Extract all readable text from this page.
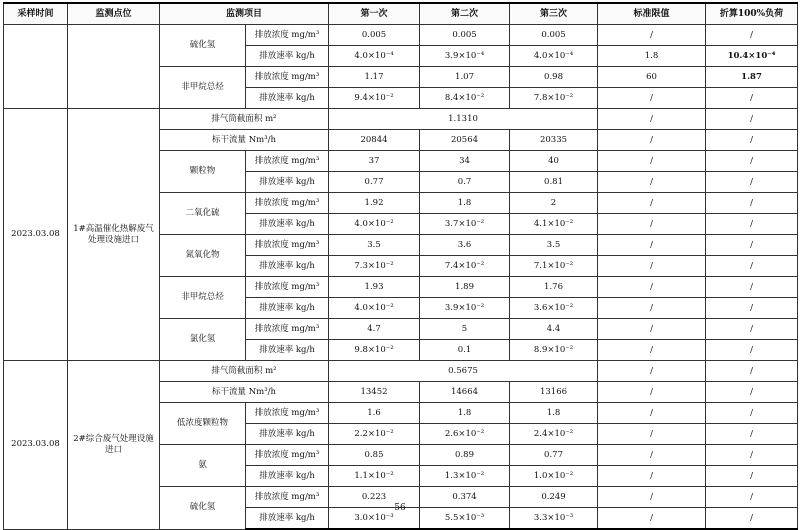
采样时间	监测点位	监测项目		第一次	第二次	第三次	标准限值	折算100%负荷	
		硫化氢	排放浓度 mg/m³	0.005	0.005	0.005	/	/	
			排放速率 kg/h	4.0×10⁻⁴	3.9×10⁻⁴	4.0×10⁻⁴	1.8	10.4×10⁻⁴	
		非甲烷总烃	排放浓度 mg/m³	1.17	1.07	0.98	60	1.87	
			排放速率 kg/h	9.4×10⁻²	8.4×10⁻²	7.8×10⁻²	/	/	
2023.03.08	1#高温催化热解废气处理设施进口	排气筒截面积 m²		1.1310			/	/	
		标干流量 Nm³/h		20844	20564	20335	/	/	
		颗粒物	排放浓度 mg/m³	37	34	40	/	/	
			排放速率 kg/h	0.77	0.7	0.81	/	/	
		二氧化硫	排放浓度 mg/m³	1.92	1.8	2	/	/	
			排放速率 kg/h	4.0×10⁻²	3.7×10⁻²	4.1×10⁻²	/	/	
		氮氧化物	排放浓度 mg/m³	3.5	3.6	3.5	/	/	
			排放速率 kg/h	7.3×10⁻²	7.4×10⁻²	7.1×10⁻²	/	/	
		非甲烷总烃	排放浓度 mg/m³	1.93	1.89	1.76	/	/	
			排放速率 kg/h	4.0×10⁻²	3.9×10⁻²	3.6×10⁻²	/	/	
		氯化氢	排放浓度 mg/m³	4.7	5	4.4	/	/	
			排放速率 kg/h	9.8×10⁻²	0.1	8.9×10⁻²	/	/	
2023.03.08	2#综合废气处理设施进口	排气筒截面积 m²		0.5675			/	/	
		标干流量 Nm³/h		13452	14664	13166	/	/	
		低浓度颗粒物	排放浓度 mg/m³	1.6	1.8	1.8	/	/	
			排放速率 kg/h	2.2×10⁻²	2.6×10⁻²	2.4×10⁻²	/	/	
		氨	排放浓度 mg/m³	0.85	0.89	0.77	/	/	
			排放速率 kg/h	1.1×10⁻²	1.3×10⁻²	1.0×10⁻²	/	/	
		硫化氢	排放浓度 mg/m³	0.223	0.374	0.249	/	/	
			排放速率 kg/h	3.0×10⁻³	5.5×10⁻³	3.3×10⁻³	/	/	
56
